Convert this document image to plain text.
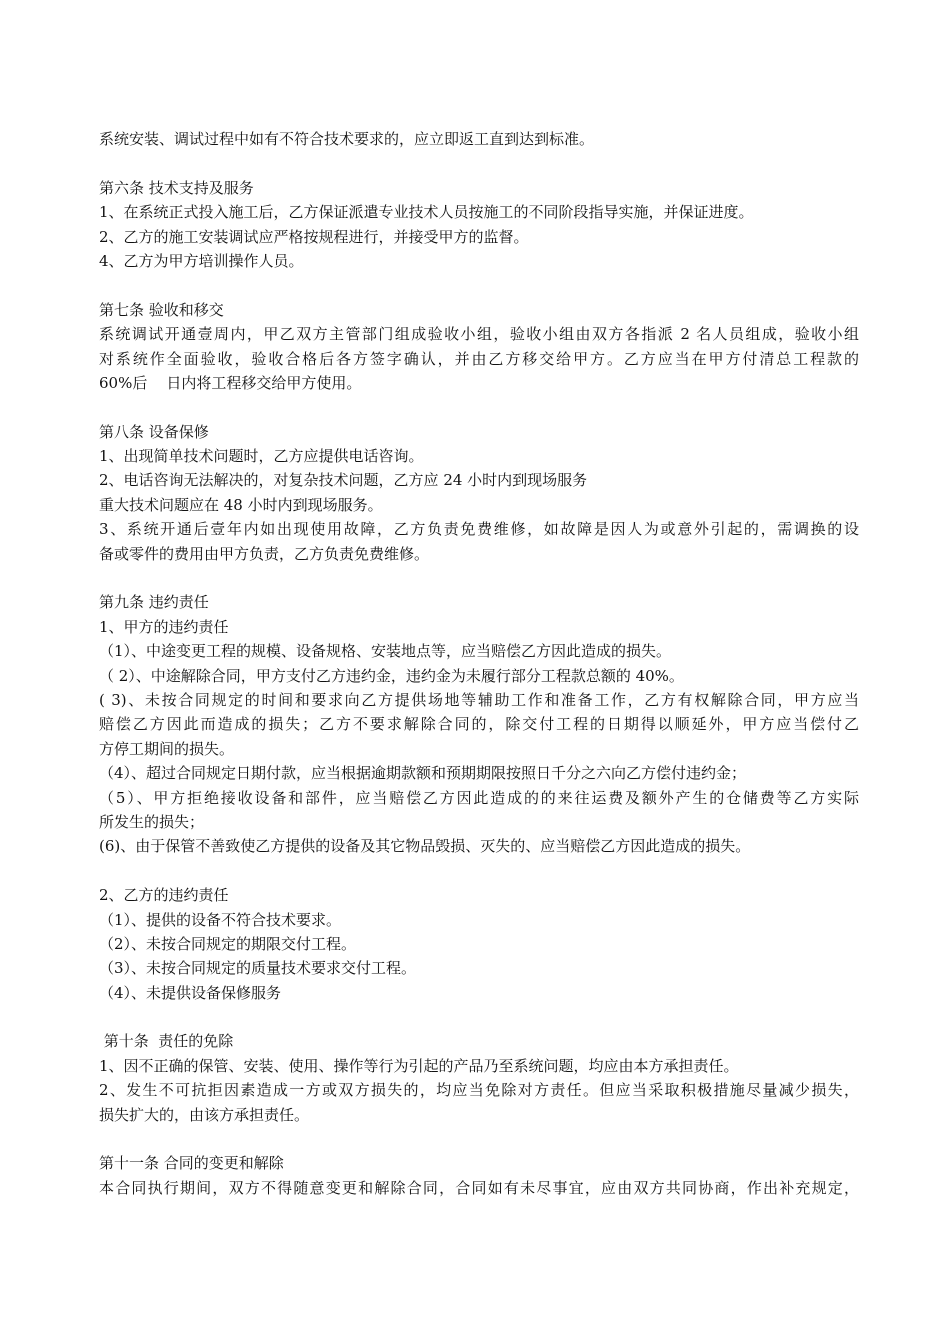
系统安装、调试过程中如有不符合技术要求的，应立即返工直到达到标准。
第六条 技术支持及服务
1、在系统正式投入施工后，乙方保证派遣专业技术人员按施工的不同阶段指导实施，并保证进度。
2、乙方的施工安装调试应严格按规程进行，并接受甲方的监督。
4、乙方为甲方培训操作人员。
第七条 验收和移交
系统调试开通壹周内，甲乙双方主管部门组成验收小组，验收小组由双方各指派 2 名人员组成，验收小组
对系统作全面验收，验收合格后各方签字确认，并由乙方移交给甲方。乙方应当在甲方付清总工程款的
60%后    日内将工程移交给甲方使用。
第八条 设备保修
1、出现简单技术问题时，乙方应提供电话咨询。
2、电话咨询无法解决的，对复杂技术问题，乙方应 24 小时内到现场服务
重大技术问题应在 48 小时内到现场服务。
3、系统开通后壹年内如出现使用故障，乙方负责免费维修，如故障是因人为或意外引起的，需调换的设
备或零件的费用由甲方负责，乙方负责免费维修。
第九条 违约责任
1、甲方的违约责任
（1）、中途变更工程的规模、设备规格、安装地点等，应当赔偿乙方因此造成的损失。
（ 2）、中途解除合同，甲方支付乙方违约金，违约金为未履行部分工程款总额的 40%。
( 3)、未按合同规定的时间和要求向乙方提供场地等辅助工作和准备工作，乙方有权解除合同，甲方应当
赔偿乙方因此而造成的损失；乙方不要求解除合同的，除交付工程的日期得以顺延外，甲方应当偿付乙
方停工期间的损失。
（4）、超过合同规定日期付款，应当根据逾期款额和预期期限按照日千分之六向乙方偿付违约金；
（5）、甲方拒绝接收设备和部件，应当赔偿乙方因此造成的的来往运费及额外产生的仓储费等乙方实际
所发生的损失；
(6)、由于保管不善致使乙方提供的设备及其它物品毁损、灭失的、应当赔偿乙方因此造成的损失。
2、乙方的违约责任
（1）、提供的设备不符合技术要求。
（2）、未按合同规定的期限交付工程。
（3）、未按合同规定的质量技术要求交付工程。
（4）、未提供设备保修服务
第十条  责任的免除
1、因不正确的保管、安装、使用、操作等行为引起的产品乃至系统问题，均应由本方承担责任。
2、发生不可抗拒因素造成一方或双方损失的，均应当免除对方责任。但应当采取积极措施尽量减少损失，
损失扩大的，由该方承担责任。
第十一条 合同的变更和解除
本合同执行期间，双方不得随意变更和解除合同，合同如有未尽事宜，应由双方共同协商，作出补充规定，
